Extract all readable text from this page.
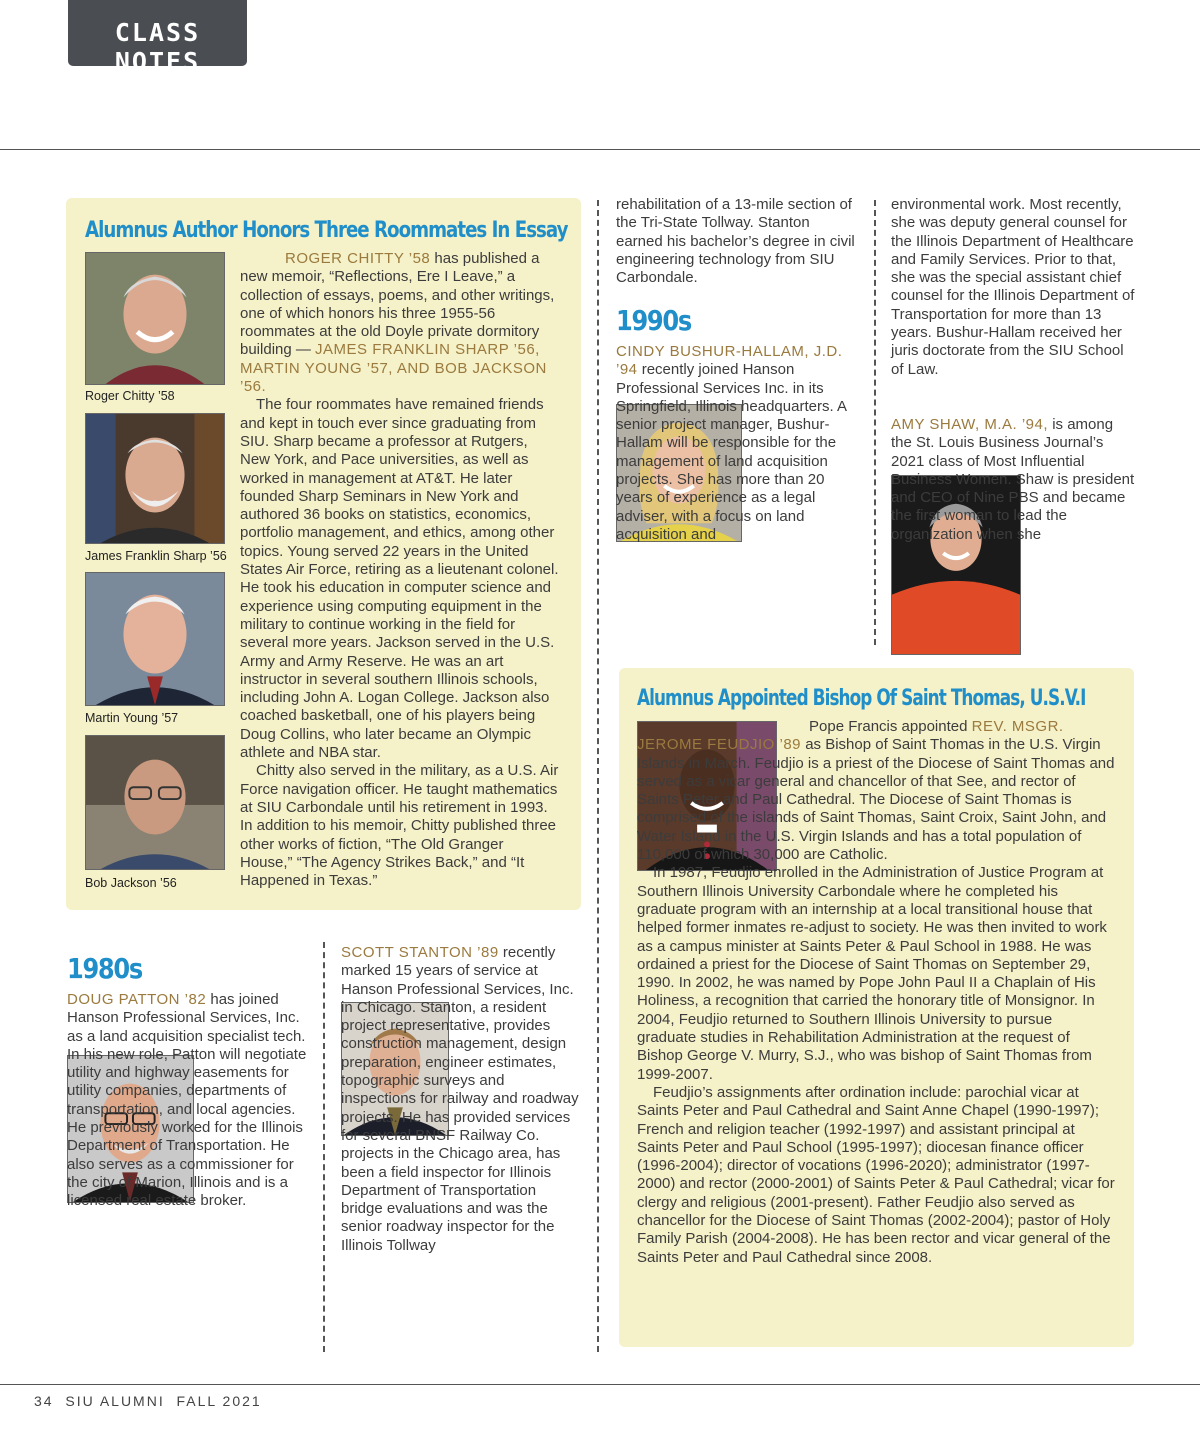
CLASS NOTES
Alumnus Author Honors Three Roommates In Essay
Roger Chitty ’58
James Franklin Sharp ’56
Martin Young ’57
Bob Jackson ’56
ROGER CHITTY ’58 has published a new memoir, “Reflections, Ere I Leave,” a collection of essays, poems, and other writings, one of which honors his three 1955-56 roommates at the old Doyle private dormitory building — JAMES FRANKLIN SHARP ’56, MARTIN YOUNG ’57, AND BOB JACKSON ’56.
The four roommates have remained friends and kept in touch ever since graduating from SIU. Sharp became a professor at Rutgers, New York, and Pace universities, as well as worked in management at AT&T. He later founded Sharp Seminars in New York and authored 36 books on statistics, economics, portfolio management, and ethics, among other topics. Young served 22 years in the United States Air Force, retiring as a lieutenant colonel. He took his education in computer science and experience using computing equipment in the military to continue working in the field for several more years. Jackson served in the U.S. Army and Army Reserve. He was an art instructor in several southern Illinois schools, including John A. Logan College. Jackson also coached basketball, one of his players being Doug Collins, who later became an Olympic athlete and NBA star.
Chitty also served in the military, as a U.S. Air Force navigation officer. He taught mathematics at SIU Carbondale until his retirement in 1993. In addition to his memoir, Chitty published three other works of fiction, “The Old Granger House,” “The Agency Strikes Back,” and “It Happened in Texas.”
1980s
DOUG PATTON ’82 has joined Hanson Professional Services, Inc. as a land acquisition specialist tech. In his new role, Patton will negotiate utility and highway easements for utility companies, departments of transportation, and local agencies. He previously worked for the Illinois Department of Transportation. He also serves as a commissioner for the city of Marion, Illinois and is a licensed real estate broker.
SCOTT STANTON ’89 recently marked 15 years of service at Hanson Professional Services, Inc. in Chicago. Stanton, a resident project representative, provides construction management, design preparation, engineer estimates, topographic surveys and inspections for railway and roadway projects. He has provided services for several BNSF Railway Co. projects in the Chicago area, has been a field inspector for Illinois Department of Transportation bridge evaluations and was the senior roadway inspector for the Illinois Tollway
rehabilitation of a 13-mile section of the Tri-State Tollway. Stanton earned his bachelor’s degree in civil engineering technology from SIU Carbondale.
1990s
CINDY BUSHUR-HALLAM, J.D. ’94 recently joined Hanson Professional Services Inc. in its Springfield, Illinois headquarters. A senior project manager, Bushur-Hallam will be responsible for the management of land acquisition projects. She has more than 20 years of experience as a legal adviser, with a focus on land acquisition and
environmental work. Most recently, she was deputy general counsel for the Illinois Department of Healthcare and Family Services. Prior to that, she was the special assistant chief counsel for the Illinois Department of Transportation for more than 13 years. Bushur-Hallam received her juris doctorate from the SIU School of Law.
AMY SHAW, M.A. ’94, is among the St. Louis Business Journal’s 2021 class of Most Influential Business Women. Shaw is president and CEO of Nine PBS and became the first woman to lead the organization when she
Alumnus Appointed Bishop Of Saint Thomas, U.S.V.I
Pope Francis appointed REV. MSGR. JEROME FEUDJIO ’89 as Bishop of Saint Thomas in the U.S. Virgin Islands in March. Feudjio is a priest of the Diocese of Saint Thomas and served as a vicar general and chancellor of that See, and rector of Saints Peter and Paul Cathedral. The Diocese of Saint Thomas is comprised of the islands of Saint Thomas, Saint Croix, Saint John, and Water Island in the U.S. Virgin Islands and has a total population of 110,000 of which 30,000 are Catholic.
In 1987, Feudjio enrolled in the Administration of Justice Program at Southern Illinois University Carbondale where he completed his graduate program with an internship at a local transitional house that helped former inmates re-adjust to society. He was then invited to work as a campus minister at Saints Peter & Paul School in 1988. He was ordained a priest for the Diocese of Saint Thomas on September 29, 1990. In 2002, he was named by Pope John Paul II a Chaplain of His Holiness, a recognition that carried the honorary title of Monsignor. In 2004, Feudjio returned to Southern Illinois University to pursue graduate studies in Rehabilitation Administration at the request of Bishop George V. Murry, S.J., who was bishop of Saint Thomas from 1999-2007.
Feudjio’s assignments after ordination include: parochial vicar at Saints Peter and Paul Cathedral and Saint Anne Chapel (1990-1997); French and religion teacher (1992-1997) and assistant principal at Saints Peter and Paul School (1995-1997); diocesan finance officer (1996-2004); director of vocations (1996-2020); administrator (1997-2000) and rector (2000-2001) of Saints Peter & Paul Cathedral; vicar for clergy and religious (2001-present). Father Feudjio also served as chancellor for the Diocese of Saint Thomas (2002-2004); pastor of Holy Family Parish (2004-2008). He has been rector and vicar general of the Saints Peter and Paul Cathedral since 2008.
34 SIU ALUMNI FALL 2021
